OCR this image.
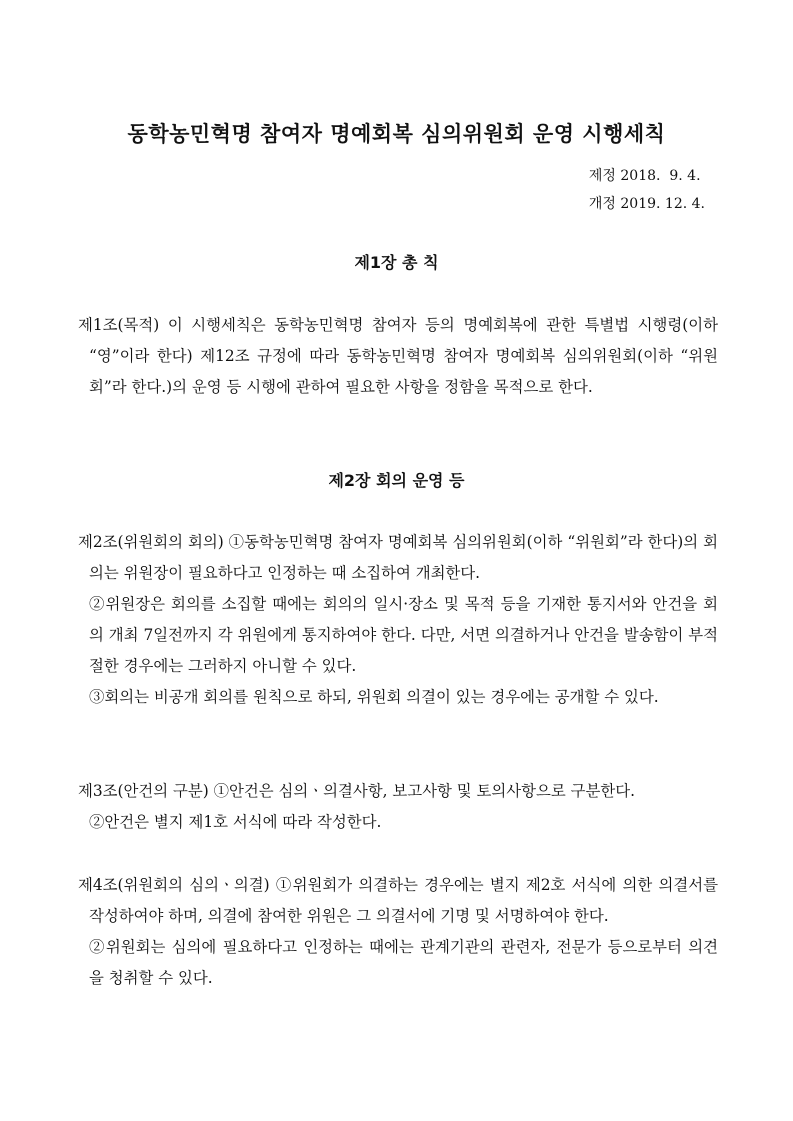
동학농민혁명 참여자 명예회복 심의위원회 운영 시행세칙
제정 2018.  9. 4.
개정 2019. 12. 4.
제1장 총 칙

제1조(목적) 이 시행세칙은 동학농민혁명 참여자 등의 명예회복에 관한 특별법 시행령(이하 “영”이라 한다) 제12조 규정에 따라 동학농민혁명 참여자 명예회복 심의위원회(이하 “위원회”라 한다.)의 운영 등 시행에 관하여 필요한 사항을 정함을 목적으로 한다.

제2장 회의 운영 등

제2조(위원회의 회의) ①동학농민혁명 참여자 명예회복 심의위원회(이하 “위원회”라 한다)의 회의는 위원장이 필요하다고 인정하는 때 소집하여 개최한다.

②위원장은 회의를 소집할 때에는 회의의 일시·장소 및 목적 등을 기재한 통지서와 안건을 회의 개최 7일전까지 각 위원에게 통지하여야 한다. 다만, 서면 의결하거나 안건을 발송함이 부적절한 경우에는 그러하지 아니할 수 있다.

③회의는 비공개 회의를 원칙으로 하되, 위원회 의결이 있는 경우에는 공개할 수 있다.

제3조(안건의 구분) ①안건은 심의ㆍ의결사항, 보고사항 및 토의사항으로 구분한다.

②안건은 별지 제1호 서식에 따라 작성한다.

제4조(위원회의 심의ㆍ의결) ①위원회가 의결하는 경우에는 별지 제2호 서식에 의한 의결서를 작성하여야 하며, 의결에 참여한 위원은 그 의결서에 기명 및 서명하여야 한다.

②위원회는 심의에 필요하다고 인정하는 때에는 관계기관의 관련자, 전문가 등으로부터 의견을 청취할 수 있다.
